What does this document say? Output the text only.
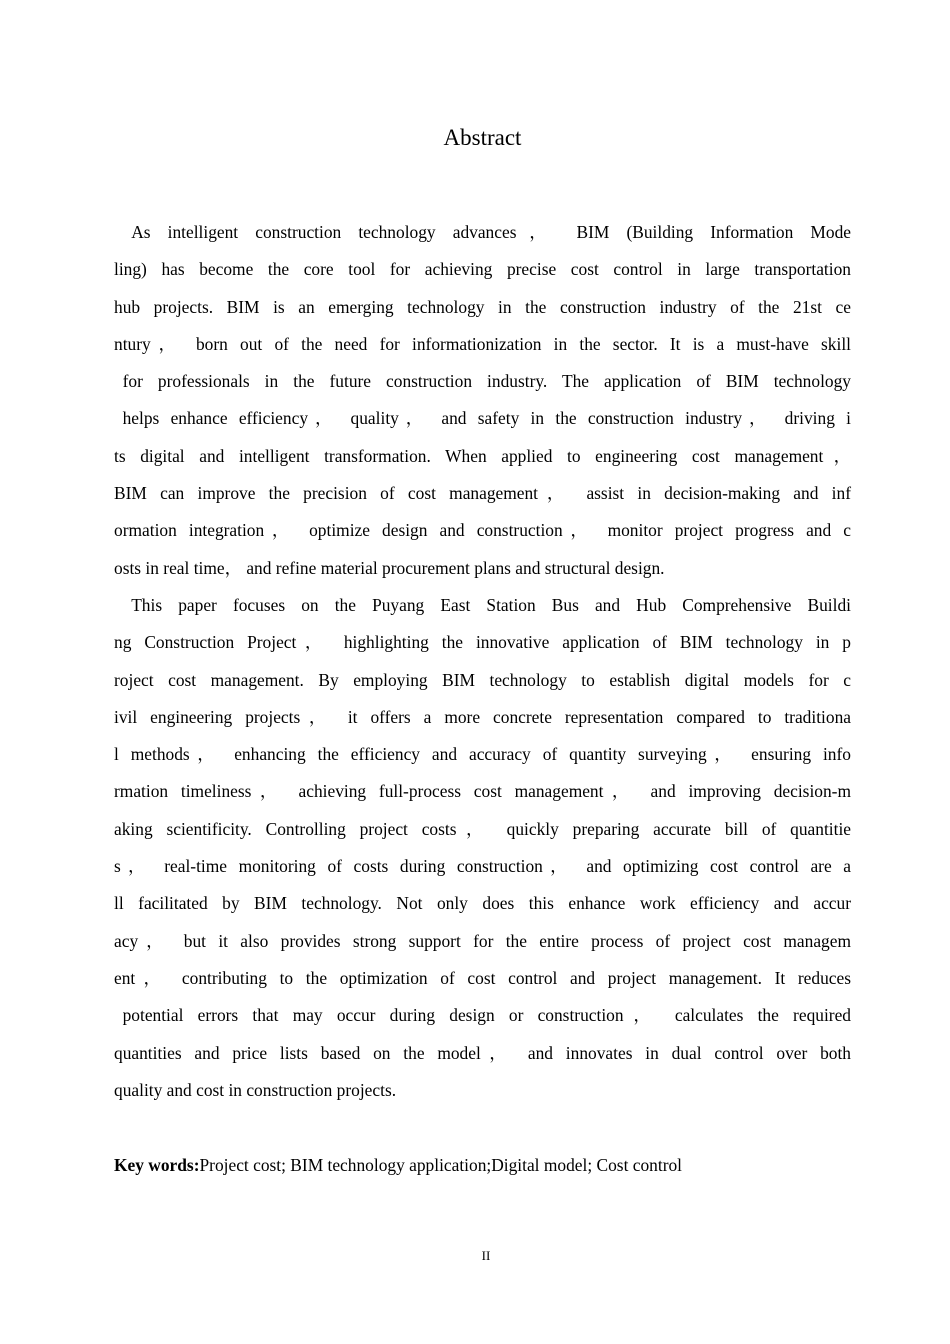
Abstract
As intelligent construction technology advances， BIM (Building Information Mode
ling) has become the core tool for achieving precise cost control in large transportation
hub projects. BIM is an emerging technology in the construction industry of the 21st ce
ntury， born out of the need for informationization in the sector. It is a must-have skill
for professionals in the future construction industry. The application of BIM technology
helps enhance efficiency， quality， and safety in the construction industry， driving i
ts digital and intelligent transformation. When applied to engineering cost management，
BIM can improve the precision of cost management， assist in decision-making and inf
ormation integration， optimize design and construction， monitor project progress and c
osts in real time， and refine material procurement plans and structural design.
This paper focuses on the Puyang East Station Bus and Hub Comprehensive Buildi
ng Construction Project， highlighting the innovative application of BIM technology in p
roject cost management. By employing BIM technology to establish digital models for c
ivil engineering projects， it offers a more concrete representation compared to traditiona
l methods， enhancing the efficiency and accuracy of quantity surveying， ensuring info
rmation timeliness， achieving full-process cost management， and improving decision-m
aking scientificity. Controlling project costs， quickly preparing accurate bill of quantitie
s， real-time monitoring of costs during construction， and optimizing cost control are a
ll facilitated by BIM technology. Not only does this enhance work efficiency and accur
acy， but it also provides strong support for the entire process of project cost managem
ent， contributing to the optimization of cost control and project management. It reduces
potential errors that may occur during design or construction， calculates the required
quantities and price lists based on the model， and innovates in dual control over both
quality and cost in construction projects.
Key words:Project cost; BIM technology application;Digital model; Cost control
II
